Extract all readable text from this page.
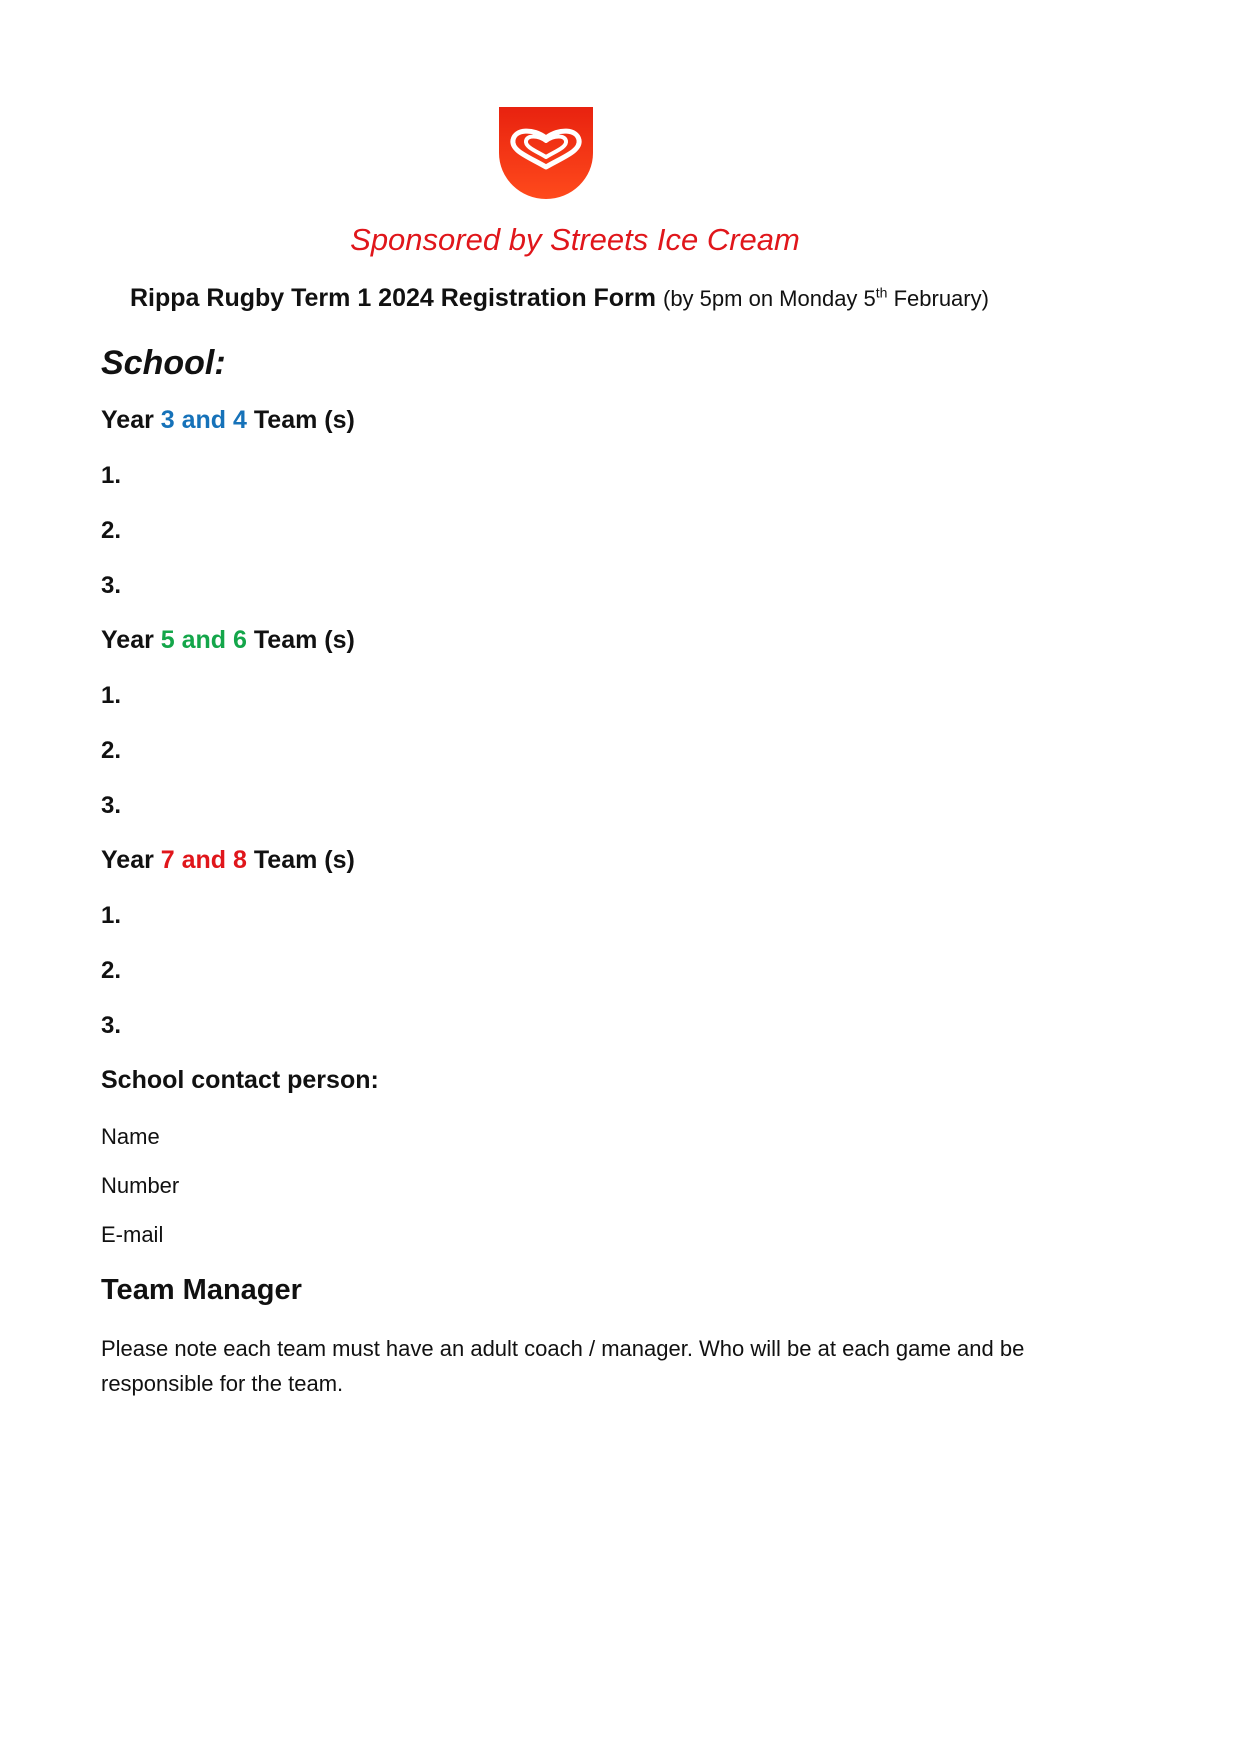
Sponsored by Streets Ice Cream
Rippa Rugby Term 1 2024 Registration Form (by 5pm on Monday 5th February)
School:
Year 3 and 4 Team (s)
1.
2.
3.
Year 5 and 6 Team (s)
1.
2.
3.
Year 7 and 8 Team (s)
1.
2.
3.
School contact person:
Name
Number
E-mail
Team Manager
Please note each team must have an adult coach / manager. Who will be at each game and be responsible for the team.
